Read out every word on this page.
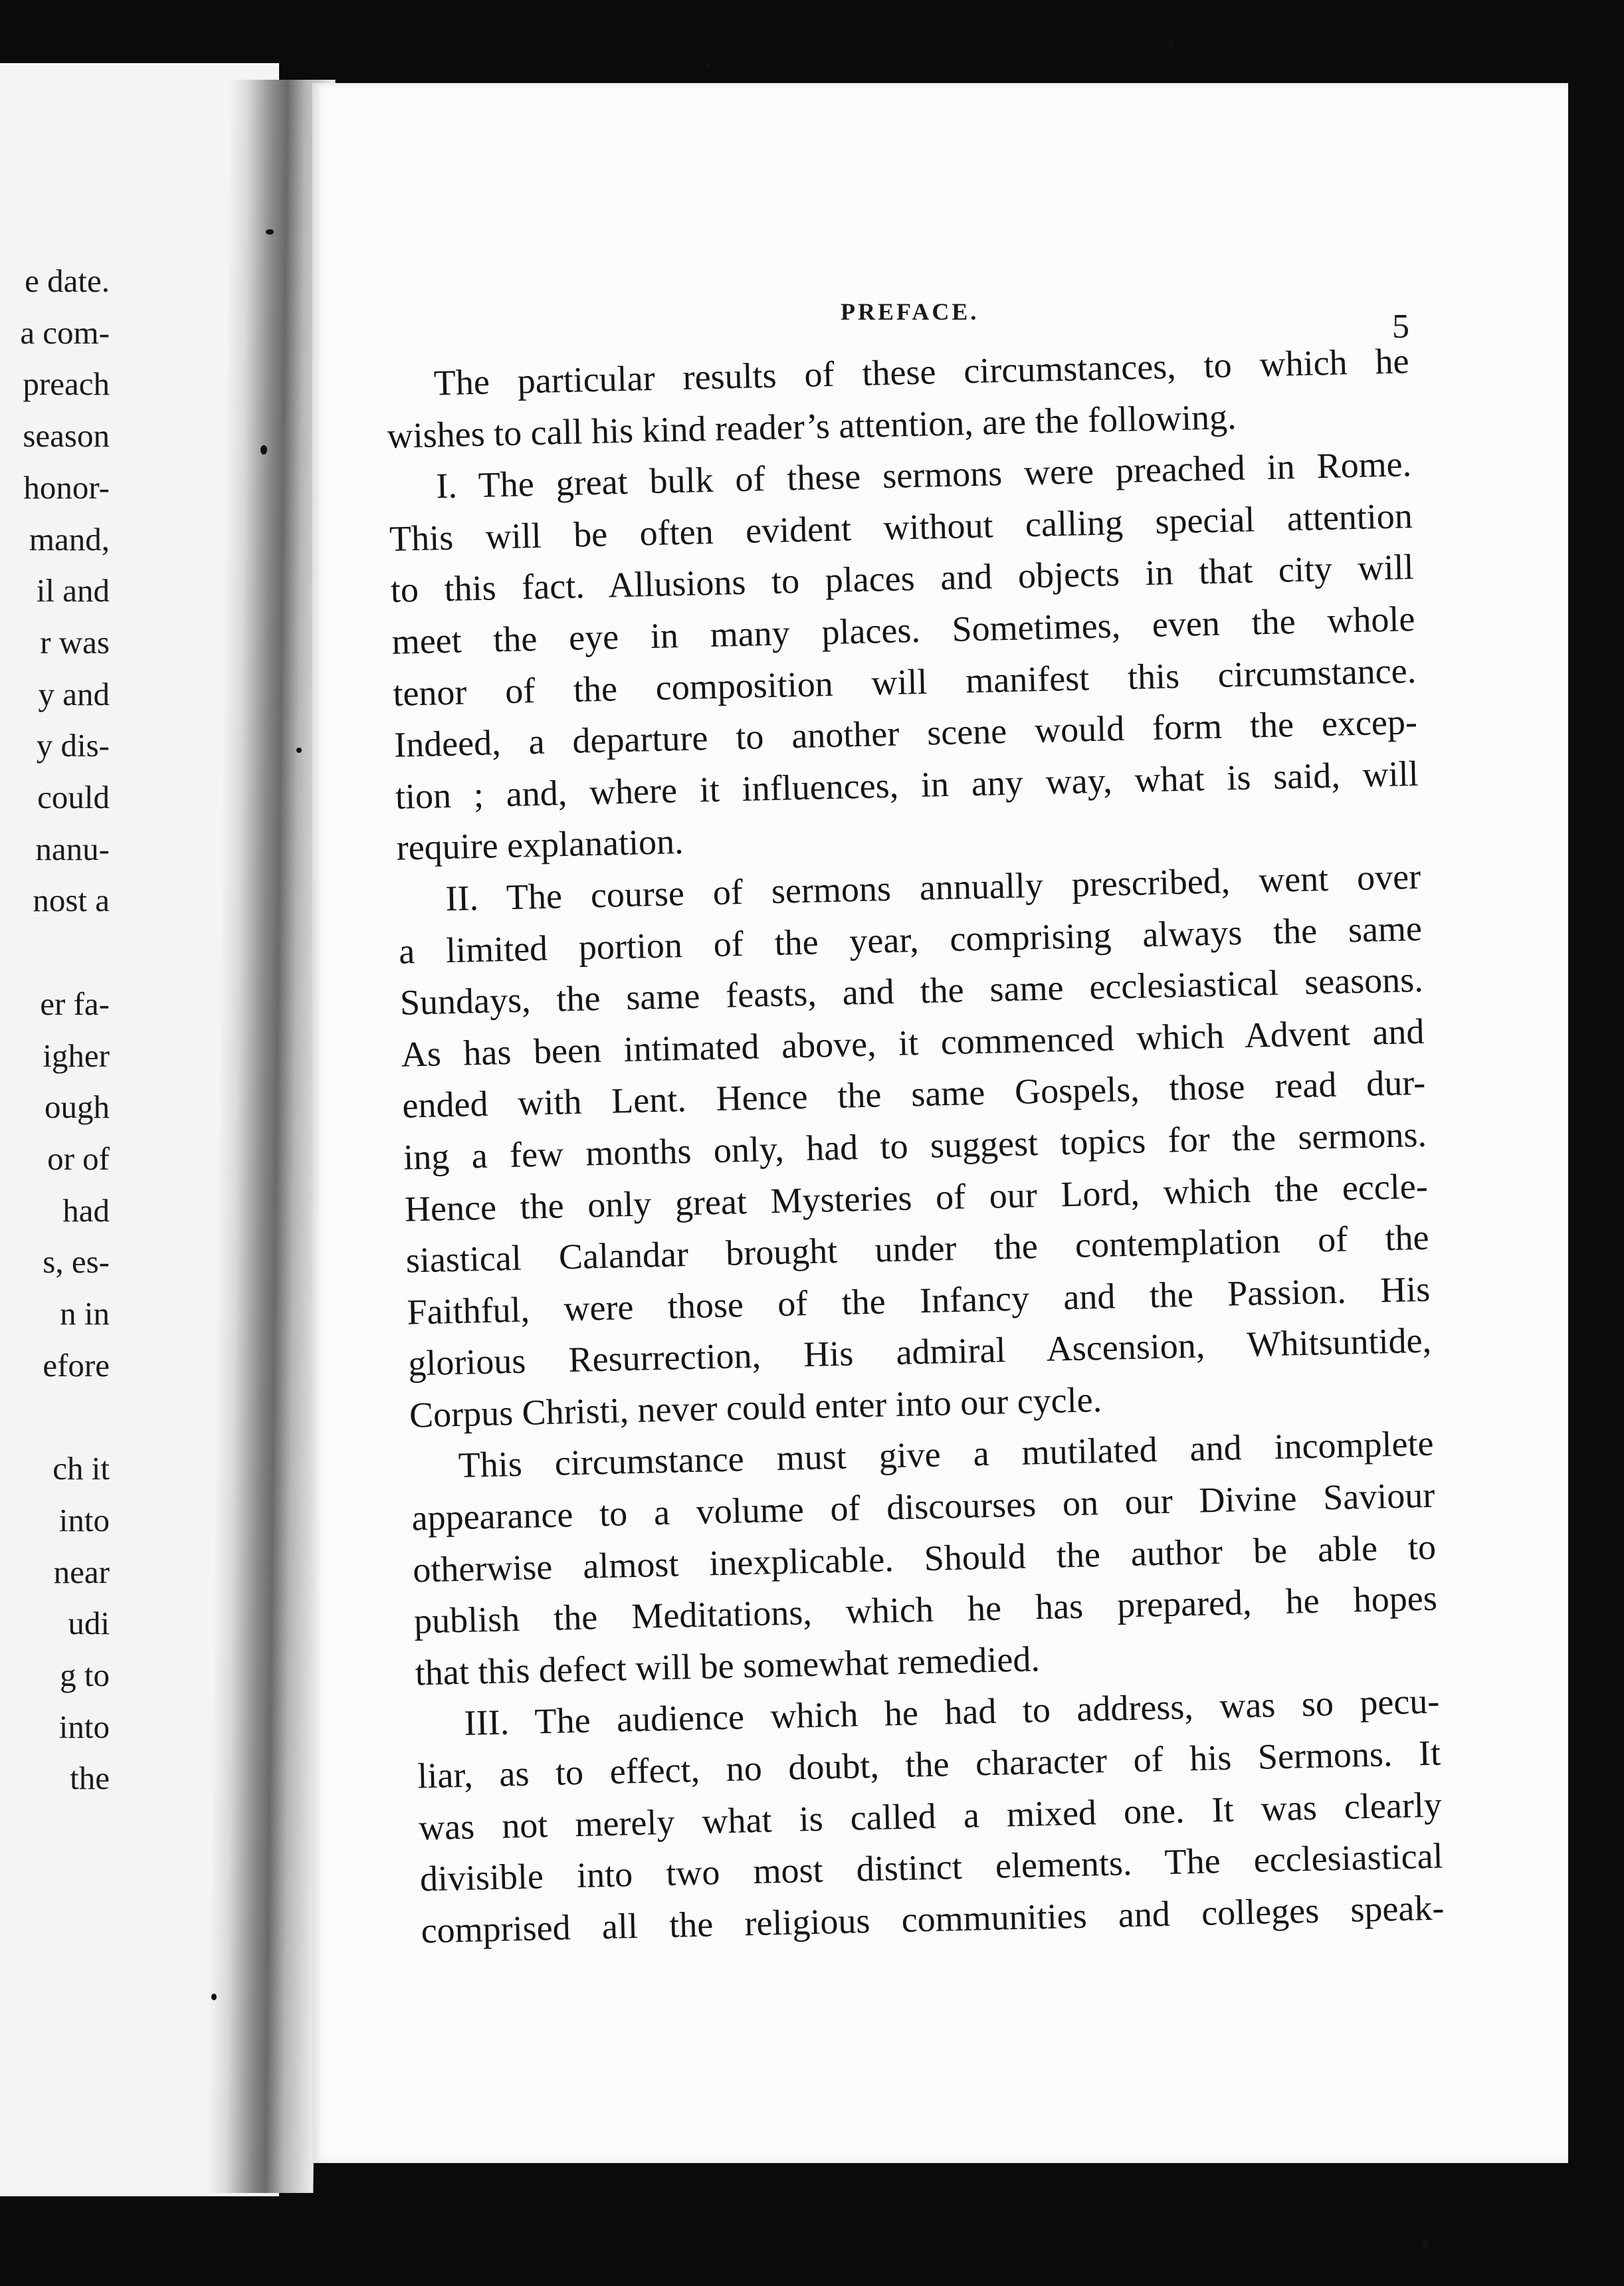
e date.

a com-

preach

season

honor-

mand,

il and

r was

y and

y dis-

could

nanu-

nost a

er fa-

igher

ough

or of

had

s, es-

n in

efore

ch it

into

near

udi

g to

into

the

PREFACE.	5

The particular results of these circumstances, to which he

wishes to call his kind reader’s attention, are the following.

I. The great bulk of these sermons were preached in Rome.

This will be often evident without calling special attention

to this fact. Allusions to places and objects in that city will

meet the eye in many places. Sometimes, even the whole

tenor of the composition will manifest this circumstance.

Indeed, a departure to another scene would form the excep-

tion ; and, where it influences, in any way, what is said, will

require explanation.

II. The course of sermons annually prescribed, went over

a limited portion of the year, comprising always the same

Sundays, the same feasts, and the same ecclesiastical seasons.

As has been intimated above, it commenced which Advent and

ended with Lent. Hence the same Gospels, those read dur-

ing a few months only, had to suggest topics for the sermons.

Hence the only great Mysteries of our Lord, which the eccle-

siastical Calandar brought under the contemplation of the

Faithful, were those of the Infancy and the Passion. His

glorious Resurrection, His admiral Ascension, Whitsuntide,

Corpus Christi, never could enter into our cycle.

This circumstance must give a mutilated and incomplete

appearance to a volume of discourses on our Divine Saviour

otherwise almost inexplicable. Should the author be able to

publish the Meditations, which he has prepared, he hopes

that this defect will be somewhat remedied.

III. The audience which he had to address, was so pecu-

liar, as to effect, no doubt, the character of his Sermons. It

was not merely what is called a mixed one. It was clearly

divisible into two most distinct elements. The ecclesiastical

comprised all the religious communities and colleges speak-
